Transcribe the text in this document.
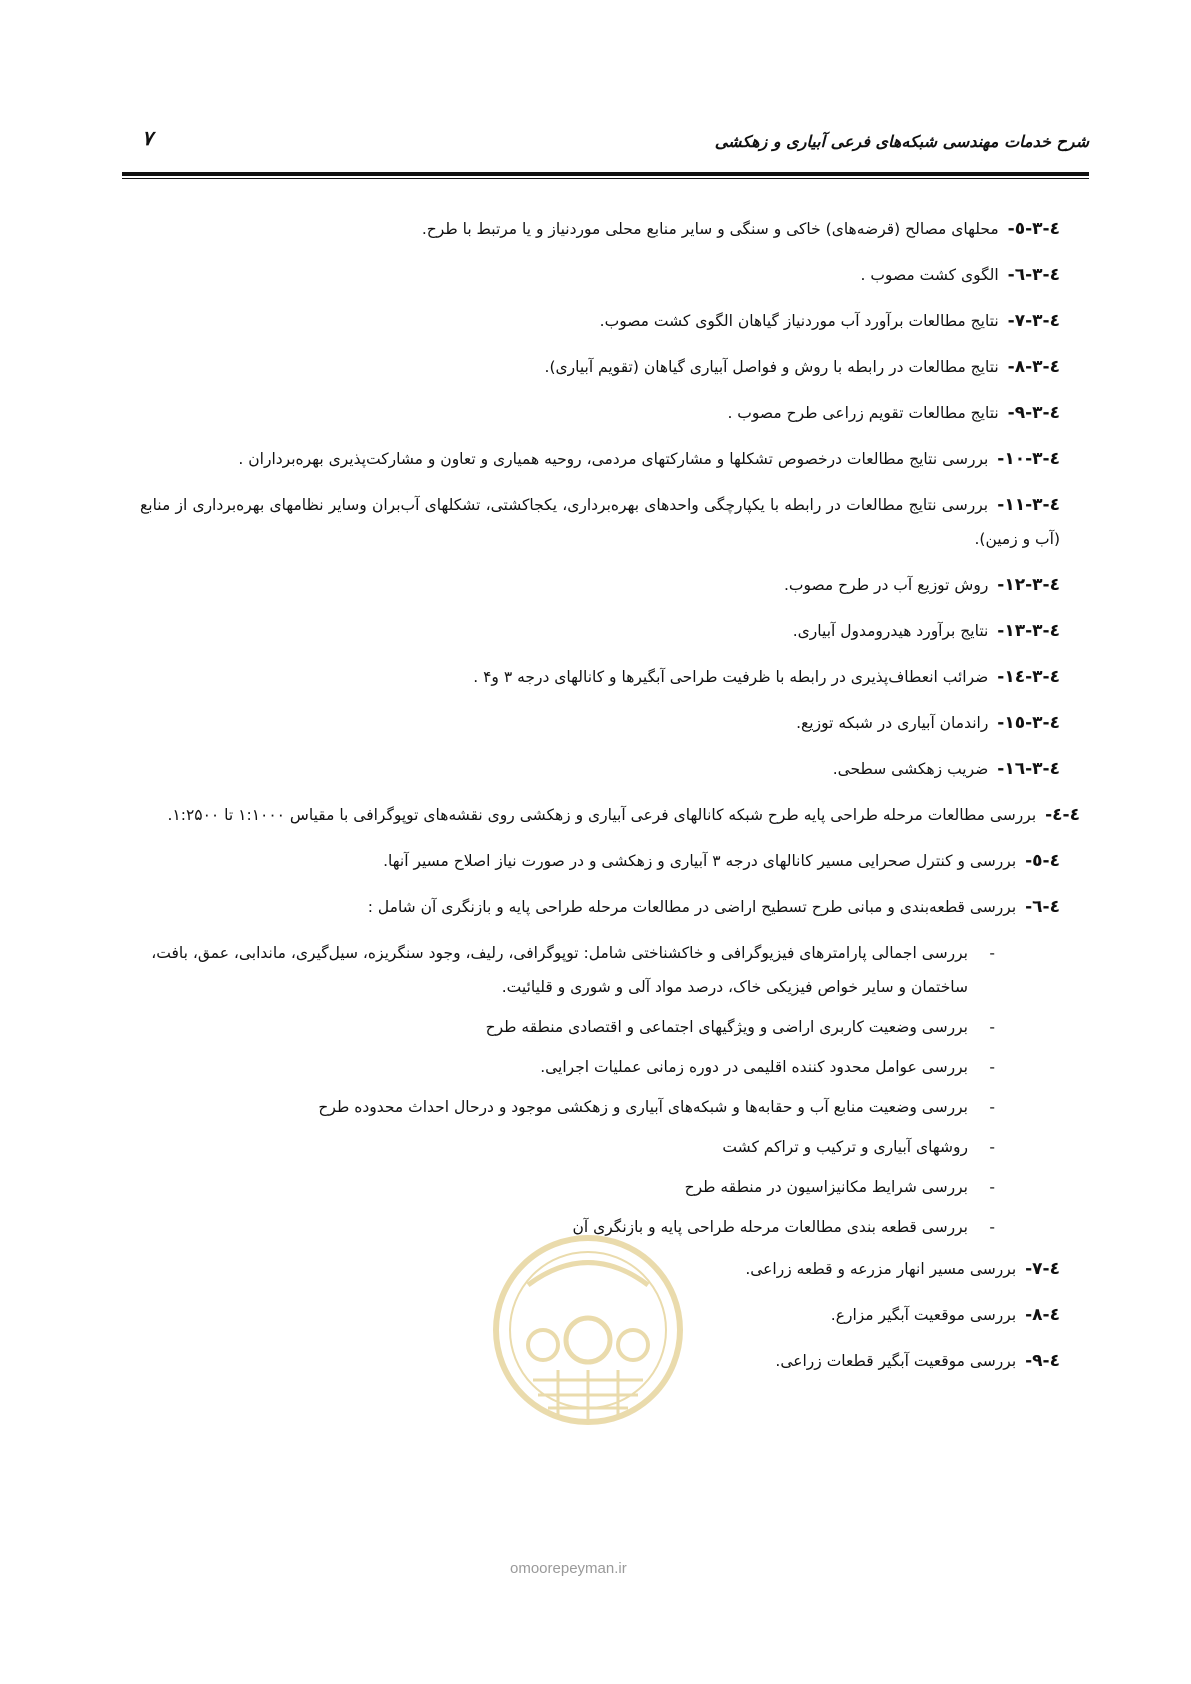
شرح خدمات مهندسی شبکه‌های فرعی آبیاری و زهکشی
۷
٤-٣-٥- محلهای مصالح (قرضه‌های) خاکی و سنگی و سایر منابع محلی موردنیاز و یا مرتبط با طرح.
٤-٣-٦- الگوی کشت مصوب .
٤-٣-٧- نتایج مطالعات برآورد آب موردنیاز گیاهان الگوی کشت مصوب.
٤-٣-٨- نتایج مطالعات در رابطه با روش و فواصل آبیاری گیاهان (تقویم آبیاری).
٤-٣-٩- نتایج مطالعات تقویم زراعی طرح مصوب .
٤-٣-١٠- بررسی نتایج مطالعات درخصوص تشکلها و مشارکتهای مردمی، روحیه همیاری و تعاون و مشارکت‌پذیری بهره‌برداران .
٤-٣-١١- بررسی نتایج مطالعات در رابطه با یکپارچگی واحدهای بهره‌برداری، یکجاکشتی، تشکلهای آب‌بران وسایر نظامهای بهره‌برداری از منابع (آب و زمین).
٤-٣-١٢- روش توزیع آب در طرح مصوب.
٤-٣-١٣- نتایج برآورد هیدرومدول آبیاری.
٤-٣-١٤- ضرائب انعطاف‌پذیری در رابطه با ظرفیت طراحی آبگیرها و کانالهای درجه ۳ و۴ .
٤-٣-١٥- راندمان آبیاری در شبکه توزیع.
٤-٣-١٦- ضریب زهکشی سطحی.
٤-٤- بررسی مطالعات مرحله طراحی پایه طرح شبکه کانالهای فرعی آبیاری و زهکشی روی نقشه‌های توپوگرافی با مقیاس ۱:۱۰۰۰ تا ۱:۲۵۰۰.
٤-٥- بررسی و کنترل صحرایی مسیر کانالهای درجه ۳ آبیاری و زهکشی و در صورت نیاز اصلاح مسیر آنها.
٤-٦- بررسی قطعه‌بندی و مبانی طرح تسطیح اراضی در مطالعات مرحله طراحی پایه و بازنگری آن شامل :
-
بررسی اجمالی پارامترهای فیزیوگرافی و خاکشناختی شامل: توپوگرافی، رلیف، وجود سنگریزه، سیل‌گیری، ماندابی، عمق، بافت، ساختمان و سایر خواص فیزیکی خاک، درصد مواد آلی و شوری و قلیائیت.
-
بررسی وضعیت کاربری اراضی و ویژگیهای اجتماعی و اقتصادی منطقه طرح
-
بررسی عوامل محدود کننده اقلیمی در دوره زمانی عملیات اجرایی.
-
بررسی وضعیت منابع آب و حقابه‌ها و شبکه‌های آبیاری و زهکشی موجود و درحال احداث محدوده طرح
-
روشهای آبیاری و ترکیب و تراکم کشت
-
بررسی شرایط مکانیزاسیون در منطقه طرح
-
بررسی قطعه بندی مطالعات مرحله طراحی پایه و بازنگری آن
٤-٧- بررسی مسیر انهار مزرعه و قطعه زراعی.
٤-٨- بررسی موقعیت آبگیر مزارع.
٤-٩- بررسی موقعیت آبگیر قطعات زراعی.
omoorepeyman.ir
